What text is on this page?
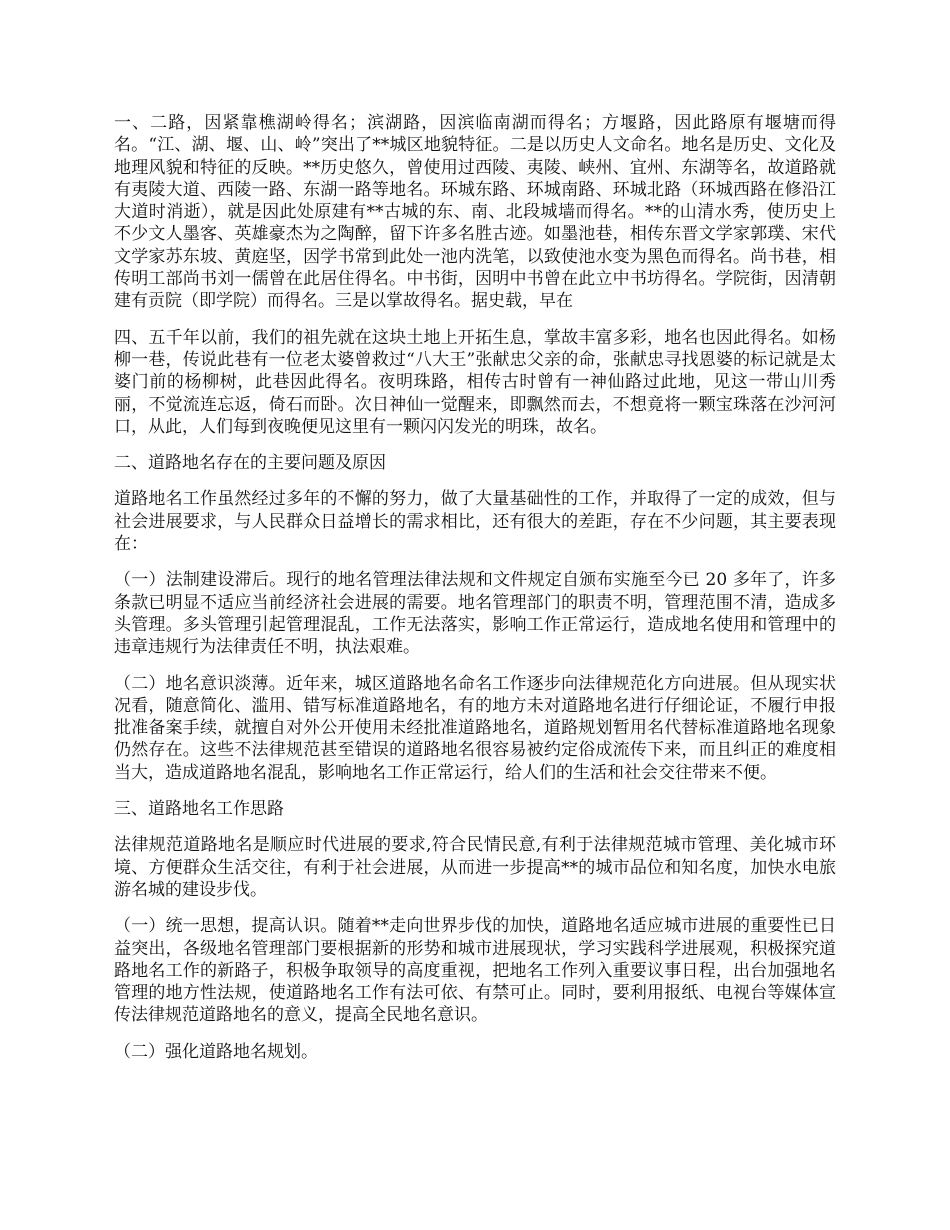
一、二路，因紧靠樵湖岭得名；滨湖路，因滨临南湖而得名；方堰路，因此路原有堰塘而得名。“江、湖、堰、山、岭”突出了**城区地貌特征。二是以历史人文命名。地名是历史、文化及地理风貌和特征的反映。**历史悠久，曾使用过西陵、夷陵、峡州、宜州、东湖等名，故道路就有夷陵大道、西陵一路、东湖一路等地名。环城东路、环城南路、环城北路（环城西路在修沿江大道时消逝），就是因此处原建有**古城的东、南、北段城墙而得名。**的山清水秀，使历史上不少文人墨客、英雄豪杰为之陶醉，留下许多名胜古迹。如墨池巷，相传东晋文学家郭璞、宋代文学家苏东坡、黄庭坚，因学书常到此处一池内洗笔，以致使池水变为黑色而得名。尚书巷，相传明工部尚书刘一儒曾在此居住得名。中书街，因明中书曾在此立中书坊得名。学院街，因清朝建有贡院（即学院）而得名。三是以掌故得名。据史载，早在

四、五千年以前，我们的祖先就在这块土地上开拓生息，掌故丰富多彩，地名也因此得名。如杨柳一巷，传说此巷有一位老太婆曾救过“八大王”张献忠父亲的命，张献忠寻找恩婆的标记就是太婆门前的杨柳树，此巷因此得名。夜明珠路，相传古时曾有一神仙路过此地，见这一带山川秀丽，不觉流连忘返，倚石而卧。次日神仙一觉醒来，即飘然而去，不想竟将一颗宝珠落在沙河河口，从此，人们每到夜晚便见这里有一颗闪闪发光的明珠，故名。

二、道路地名存在的主要问题及原因

道路地名工作虽然经过多年的不懈的努力，做了大量基础性的工作，并取得了一定的成效，但与社会进展要求，与人民群众日益增长的需求相比，还有很大的差距，存在不少问题，其主要表现在：

（一）法制建设滞后。现行的地名管理法律法规和文件规定自颁布实施至今已 20 多年了，许多条款已明显不适应当前经济社会进展的需要。地名管理部门的职责不明，管理范围不清，造成多头管理。多头管理引起管理混乱，工作无法落实，影响工作正常运行，造成地名使用和管理中的违章违规行为法律责任不明，执法艰难。

（二）地名意识淡薄。近年来，城区道路地名命名工作逐步向法律规范化方向进展。但从现实状况看，随意简化、滥用、错写标准道路地名，有的地方未对道路地名进行仔细论证，不履行申报批准备案手续，就擅自对外公开使用未经批准道路地名，道路规划暂用名代替标准道路地名现象仍然存在。这些不法律规范甚至错误的道路地名很容易被约定俗成流传下来，而且纠正的难度相当大，造成道路地名混乱，影响地名工作正常运行，给人们的生活和社会交往带来不便。

三、道路地名工作思路

法律规范道路地名是顺应时代进展的要求,符合民情民意,有利于法律规范城市管理、美化城市环境、方便群众生活交往，有利于社会进展，从而进一步提高**的城市品位和知名度，加快水电旅游名城的建设步伐。

（一）统一思想，提高认识。随着**走向世界步伐的加快，道路地名适应城市进展的重要性已日益突出，各级地名管理部门要根据新的形势和城市进展现状，学习实践科学进展观，积极探究道路地名工作的新路子，积极争取领导的高度重视，把地名工作列入重要议事日程，出台加强地名管理的地方性法规，使道路地名工作有法可依、有禁可止。同时，要利用报纸、电视台等媒体宣传法律规范道路地名的意义，提高全民地名意识。

（二）强化道路地名规划。
